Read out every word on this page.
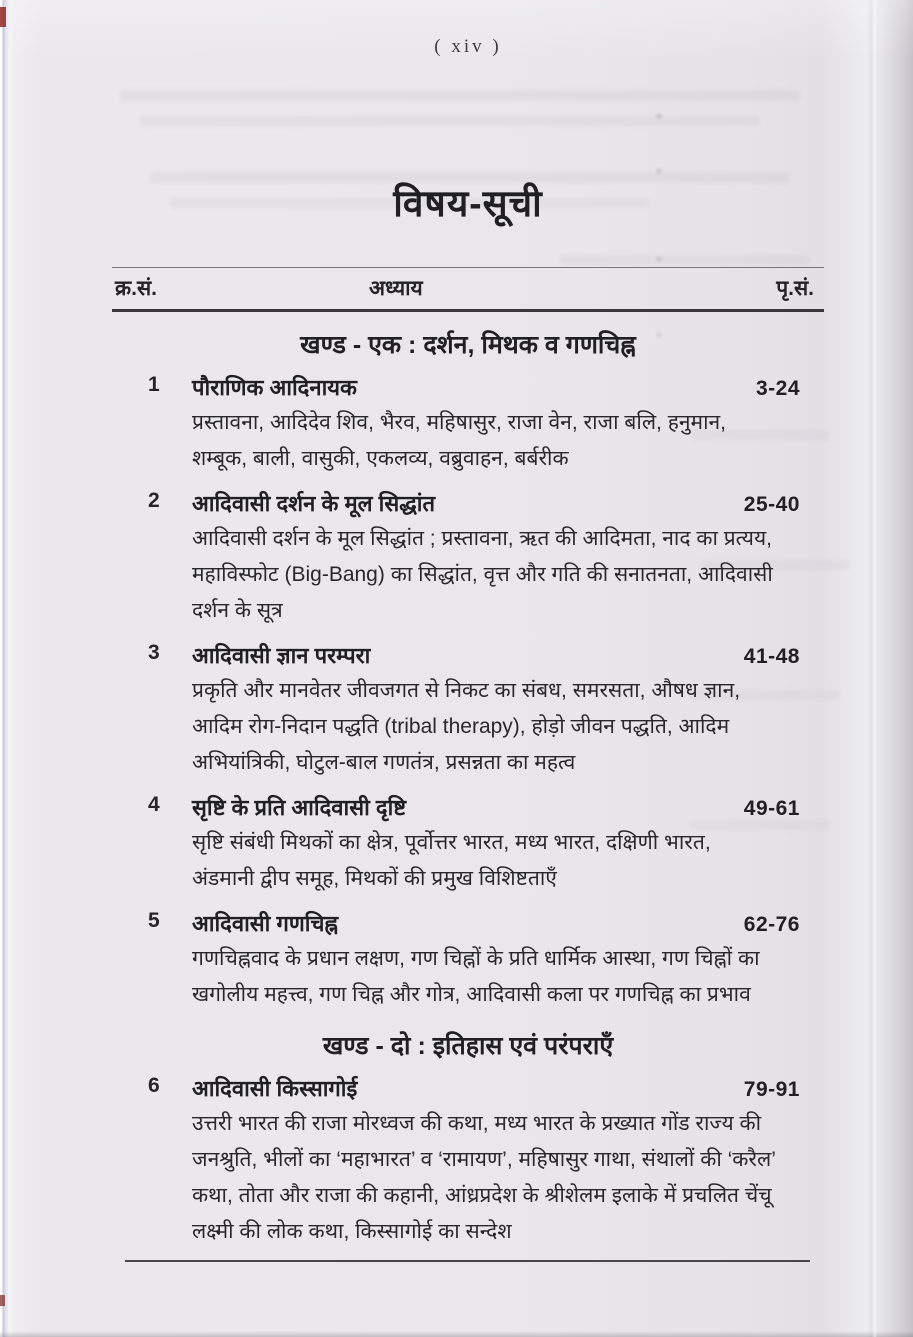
( xiv )
विषय-सूची
क्र.सं.	अध्याय	पृ.सं.
खण्ड - एक : दर्शन, मिथक व गणचिह्न
1 पौराणिक आदिनायक	3-24
प्रस्तावना, आदिदेव शिव, भैरव, महिषासुर, राजा वेन, राजा बलि, हनुमान, शम्बूक, बाली, वासुकी, एकलव्य, वब्रुवाहन, बर्बरीक
2 आदिवासी दर्शन के मूल सिद्धांत	25-40
आदिवासी दर्शन के मूल सिद्धांत ; प्रस्तावना, ऋत की आदिमता, नाद का प्रत्यय, महाविस्फोट (Big-Bang) का सिद्धांत, वृत्त और गति की सनातनता, आदिवासी दर्शन के सूत्र
3 आदिवासी ज्ञान परम्परा	41-48
प्रकृति और मानवेतर जीवजगत से निकट का संबध, समरसता, औषध ज्ञान, आदिम रोग-निदान पद्धति (tribal therapy), होड़ो जीवन पद्धति, आदिम अभियांत्रिकी, घोटुल-बाल गणतंत्र, प्रसन्नता का महत्व
4 सृष्टि के प्रति आदिवासी दृष्टि	49-61
सृष्टि संबंधी मिथकों का क्षेत्र, पूर्वोत्तर भारत, मध्य भारत, दक्षिणी भारत, अंडमानी द्वीप समूह, मिथकों की प्रमुख विशिष्टताएँ
5 आदिवासी गणचिह्न	62-76
गणचिह्नवाद के प्रधान लक्षण, गण चिह्नों के प्रति धार्मिक आस्था, गण चिह्नों का खगोलीय महत्त्व, गण चिह्न और गोत्र, आदिवासी कला पर गणचिह्न का प्रभाव
खण्ड - दो : इतिहास एवं परंपराएँ
6 आदिवासी किस्सागोई	79-91
उत्तरी भारत की राजा मोरध्वज की कथा, मध्य भारत के प्रख्यात गोंड राज्य की जनश्रुति, भीलों का ‘महाभारत’ व ‘रामायण’, महिषासुर गाथा, संथालों की ‘करैल’ कथा, तोता और राजा की कहानी, आंध्रप्रदेश के श्रीशेलम इलाके में प्रचलित चेंचू लक्ष्मी की लोक कथा, किस्सागोई का सन्देश
